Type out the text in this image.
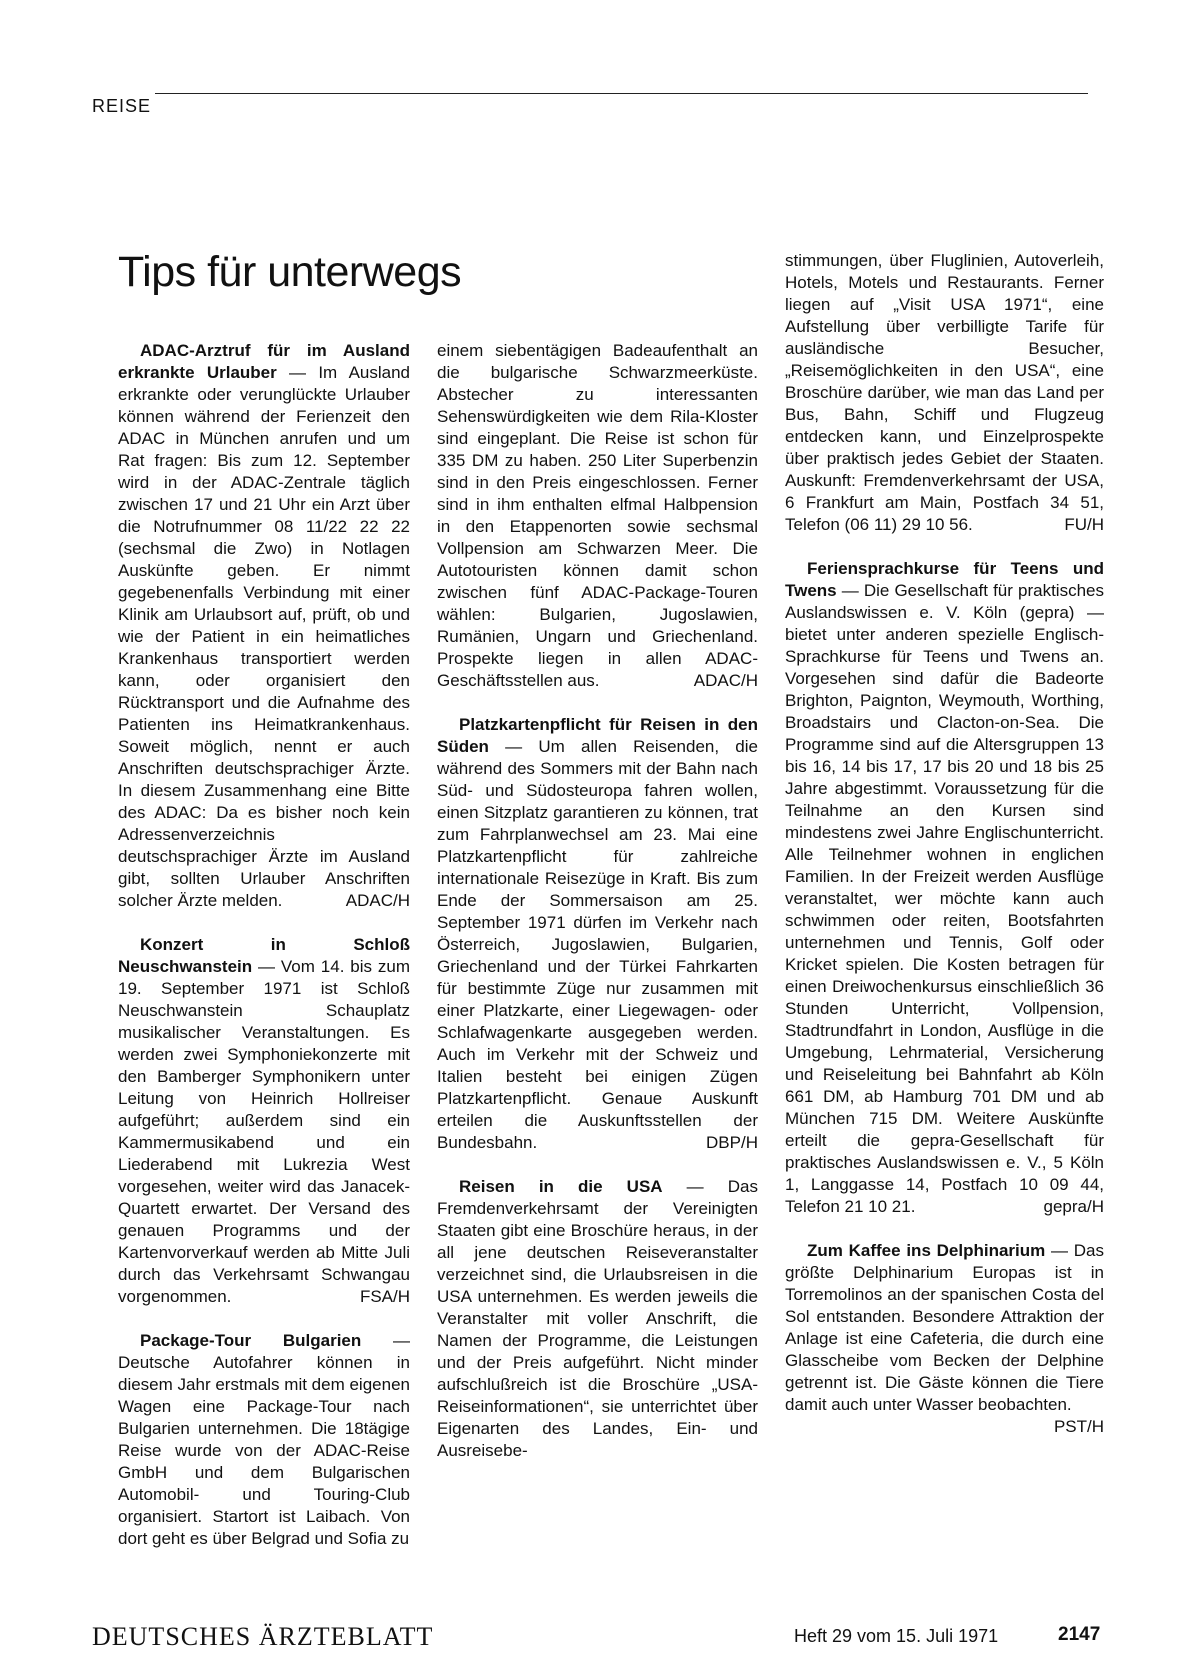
REISE
Tips für unterwegs

ADAC-Arztruf für im Ausland erkrankte Urlauber — Im Ausland erkrankte oder verunglückte Urlauber können während der Ferienzeit den ADAC in München anrufen und um Rat fragen: Bis zum 12. September wird in der ADAC-Zentrale täglich zwischen 17 und 21 Uhr ein Arzt über die Notrufnummer 08 11/22 22 22 (sechsmal die Zwo) in Notlagen Auskünfte geben. Er nimmt gegebenenfalls Verbindung mit einer Klinik am Urlaubsort auf, prüft, ob und wie der Patient in ein heimatliches Krankenhaus transportiert werden kann, oder organisiert den Rücktransport und die Aufnahme des Patienten ins Heimatkrankenhaus. Soweit möglich, nennt er auch Anschriften deutschsprachiger Ärzte. In diesem Zusammenhang eine Bitte des ADAC: Da es bisher noch kein Adressenverzeichnis deutschsprachiger Ärzte im Ausland gibt, sollten Urlauber Anschriften solcher Ärzte melden.	ADAC/H

Konzert in Schloß Neuschwanstein — Vom 14. bis zum 19. September 1971 ist Schloß Neuschwanstein Schauplatz musikalischer Veranstaltungen. Es werden zwei Symphoniekonzerte mit den Bamberger Symphonikern unter Leitung von Heinrich Hollreiser aufgeführt; außerdem sind ein Kammermusikabend und ein Liederabend mit Lukrezia West vorgesehen, weiter wird das Janacek-Quartett erwartet. Der Versand des genauen Programms und der Kartenvorverkauf werden ab Mitte Juli durch das Verkehrsamt Schwangau vorgenommen.	FSA/H

Package-Tour Bulgarien — Deutsche Autofahrer können in diesem Jahr erstmals mit dem eigenen Wagen eine Package-Tour nach Bulgarien unternehmen. Die 18tägige Reise wurde von der ADAC-Reise GmbH und dem Bulgarischen Automobil- und Touring-Club organisiert. Startort ist Laibach. Von dort geht es über Belgrad und Sofia zu

einem siebentägigen Badeaufenthalt an die bulgarische Schwarzmeerküste. Abstecher zu interessanten Sehenswürdigkeiten wie dem Rila-Kloster sind eingeplant. Die Reise ist schon für 335 DM zu haben. 250 Liter Superbenzin sind in den Preis eingeschlossen. Ferner sind in ihm enthalten elfmal Halbpension in den Etappenorten sowie sechsmal Vollpension am Schwarzen Meer. Die Autotouristen können damit schon zwischen fünf ADAC-Package-Touren wählen: Bulgarien, Jugoslawien, Rumänien, Ungarn und Griechenland. Prospekte liegen in allen ADAC-Geschäftsstellen aus.	ADAC/H

Platzkartenpflicht für Reisen in den Süden — Um allen Reisenden, die während des Sommers mit der Bahn nach Süd- und Südosteuropa fahren wollen, einen Sitzplatz garantieren zu können, trat zum Fahrplanwechsel am 23. Mai eine Platzkartenpflicht für zahlreiche internationale Reisezüge in Kraft. Bis zum Ende der Sommersaison am 25. September 1971 dürfen im Verkehr nach Österreich, Jugoslawien, Bulgarien, Griechenland und der Türkei Fahrkarten für bestimmte Züge nur zusammen mit einer Platzkarte, einer Liegewagen- oder Schlafwagenkarte ausgegeben werden. Auch im Verkehr mit der Schweiz und Italien besteht bei einigen Zügen Platzkartenpflicht. Genaue Auskunft erteilen die Auskunftsstellen der Bundesbahn.	DBP/H

Reisen in die USA — Das Fremdenverkehrsamt der Vereinigten Staaten gibt eine Broschüre heraus, in der all jene deutschen Reiseveranstalter verzeichnet sind, die Urlaubsreisen in die USA unternehmen. Es werden jeweils die Veranstalter mit voller Anschrift, die Namen der Programme, die Leistungen und der Preis aufgeführt. Nicht minder aufschlußreich ist die Broschüre „USA-Reiseinformationen“, sie unterrichtet über Eigenarten des Landes, Ein- und Ausreisebe-

stimmungen, über Fluglinien, Autoverleih, Hotels, Motels und Restaurants. Ferner liegen auf „Visit USA 1971“, eine Aufstellung über verbilligte Tarife für ausländische Besucher, „Reisemöglichkeiten in den USA“, eine Broschüre darüber, wie man das Land per Bus, Bahn, Schiff und Flugzeug entdecken kann, und Einzelprospekte über praktisch jedes Gebiet der Staaten. Auskunft: Fremdenverkehrsamt der USA, 6 Frankfurt am Main, Postfach 34 51, Telefon (06 11) 29 10 56.	FU/H

Feriensprachkurse für Teens und Twens — Die Gesellschaft für praktisches Auslandswissen e. V. Köln (gepra) — bietet unter anderen spezielle Englisch-Sprachkurse für Teens und Twens an. Vorgesehen sind dafür die Badeorte Brighton, Paignton, Weymouth, Worthing, Broadstairs und Clacton-on-Sea. Die Programme sind auf die Altersgruppen 13 bis 16, 14 bis 17, 17 bis 20 und 18 bis 25 Jahre abgestimmt. Voraussetzung für die Teilnahme an den Kursen sind mindestens zwei Jahre Englischunterricht. Alle Teilnehmer wohnen in englichen Familien. In der Freizeit werden Ausflüge veranstaltet, wer möchte kann auch schwimmen oder reiten, Bootsfahrten unternehmen und Tennis, Golf oder Kricket spielen. Die Kosten betragen für einen Dreiwochenkursus einschließlich 36 Stunden Unterricht, Vollpension, Stadtrundfahrt in London, Ausflüge in die Umgebung, Lehrmaterial, Versicherung und Reiseleitung bei Bahnfahrt ab Köln 661 DM, ab Hamburg 701 DM und ab München 715 DM. Weitere Auskünfte erteilt die gepra-Gesellschaft für praktisches Auslandswissen e. V., 5 Köln 1, Langgasse 14, Postfach 10 09 44, Telefon 21 10 21.	gepra/H

Zum Kaffee ins Delphinarium — Das größte Delphinarium Europas ist in Torremolinos an der spanischen Costa del Sol entstanden. Besondere Attraktion der Anlage ist eine Cafeteria, die durch eine Glasscheibe vom Becken der Delphine getrennt ist. Die Gäste können die Tiere damit auch unter Wasser beobachten.
PST/H

DEUTSCHES ÄRZTEBLATT	Heft 29 vom 15. Juli 1971	2147
